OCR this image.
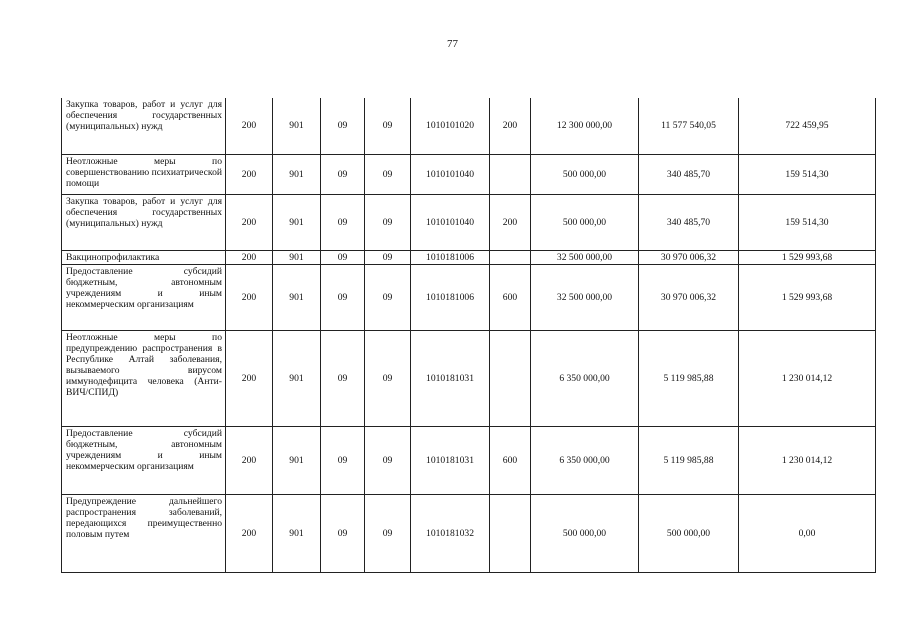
77
Закупка товаров, работ и услуг для обеспечения государственных (муниципальных) нужд	200	901	09	09	1010101020	200	12 300 000,00	11 577 540,05	722 459,95
Неотложные меры по совершенствованию психиатрической помощи	200	901	09	09	1010101040		500 000,00	340 485,70	159 514,30
Закупка товаров, работ и услуг для обеспечения государственных (муниципальных) нужд	200	901	09	09	1010101040	200	500 000,00	340 485,70	159 514,30
Вакцинопрофилактика	200	901	09	09	1010181006		32 500 000,00	30 970 006,32	1 529 993,68
Предоставление субсидий бюджетным, автономным учреждениям и иным некоммерческим организациям	200	901	09	09	1010181006	600	32 500 000,00	30 970 006,32	1 529 993,68
Неотложные меры по предупреждению распространения в Республике Алтай заболевания, вызываемого вирусом иммунодефицита человека (Анти-ВИЧ/СПИД)	200	901	09	09	1010181031		6 350 000,00	5 119 985,88	1 230 014,12
Предоставление субсидий бюджетным, автономным учреждениям и иным некоммерческим организациям	200	901	09	09	1010181031	600	6 350 000,00	5 119 985,88	1 230 014,12
Предупреждение дальнейшего распространения заболеваний, передающихся преимущественно половым путем	200	901	09	09	1010181032		500 000,00	500 000,00	0,00
